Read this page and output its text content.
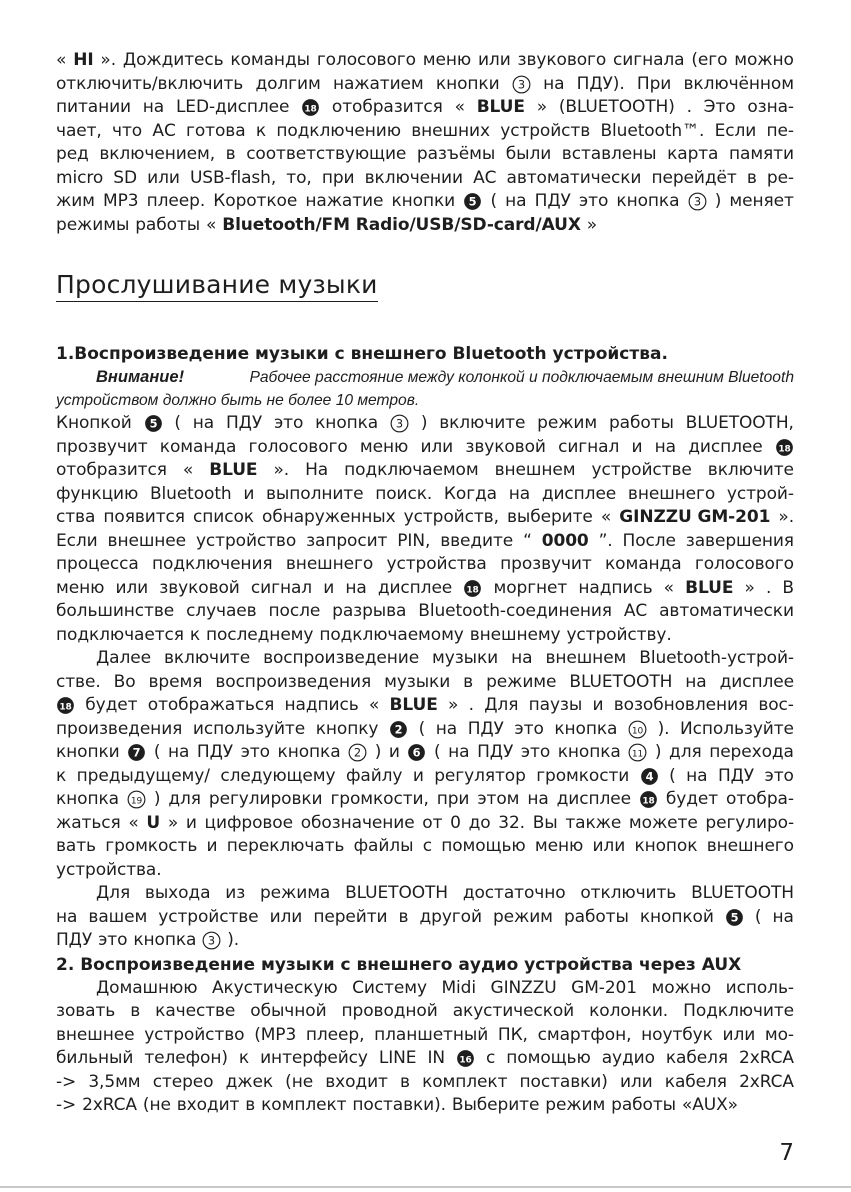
« HI ». Дождитесь команды голосового меню или звукового сигнала (его можно
отключить/включить долгим нажатием кнопки 3 на ПДУ). При включённом
питании на LED-дисплее 18 отобразится « BLUE » (BLUETOOTH) . Это озна-
чает, что АС готова к подключению внешних устройств Bluetooth™. Если пе-
ред включением, в соответствующие разъёмы были вставлены карта памяти
micro SD или USB-flash, то, при включении АС автоматически перейдёт в ре-
жим MP3 плеер. Короткое нажатие кнопки 5 ( на ПДУ это кнопка 3 ) меняет
режимы работы « Bluetooth/FM Radio/USB/SD-card/AUX »
Прослушивание музыки
1.Воспроизведение музыки с внешнего Bluetooth устройства.
Внимание!	Рабочее расстояние между колонкой и подключаемым внешним Bluetooth
устройством должно быть не более 10 метров.
Кнопкой 5 ( на ПДУ это кнопка 3 ) включите режим работы BLUETOOTH,
прозвучит команда голосового меню или звуковой сигнал и на дисплее 18
отобразится « BLUE ». На подключаемом внешнем устройстве включите
функцию Bluetooth и выполните поиск. Когда на дисплее внешнего устрой-
ства появится список обнаруженных устройств, выберите « GINZZU GM-201 ».
Если внешнее устройство запросит PIN, введите “ 0000 ”. После завершения
процесса подключения внешнего устройства прозвучит команда голосового
меню или звуковой сигнал и на дисплее 18 моргнет надпись « BLUE » . В
большинстве случаев после разрыва Bluetooth-соединения АС автоматически
подключается к последнему подключаемому внешнему устройству.
Далее включите воспроизведение музыки на внешнем Bluetooth-устрой-
стве. Во время воспроизведения музыки в режиме BLUETOOTH на дисплее
18 будет отображаться надпись « BLUE » . Для паузы и возобновления вос-
произведения используйте кнопку 2 ( на ПДУ это кнопка 10 ). Используйте
кнопки 7 ( на ПДУ это кнопка 2 ) и 6 ( на ПДУ это кнопка 11 ) для перехода
к предыдущему/ следующему файлу и регулятор громкости 4 ( на ПДУ это
кнопка 19 ) для регулировки громкости, при этом на дисплее 18 будет отобра-
жаться « U » и цифровое обозначение от 0 до 32. Вы также можете регулиро-
вать громкость и переключать файлы с помощью меню или кнопок внешнего
устройства.
Для выхода из режима BLUETOOTH достаточно отключить BLUETOOTH
на вашем устройстве или перейти в другой режим работы кнопкой 5 ( на
ПДУ это кнопка 3 ).
2. Воспроизведение музыки с внешнего аудио устройства через AUX
Домашнюю Акустическую Систему Midi GINZZU GM-201 можно исполь-
зовать в качестве обычной проводной акустической колонки. Подключите
внешнее устройство (MP3 плеер, планшетный ПК, смартфон, ноутбук или мо-
бильный телефон) к интерфейсу LINE IN 16 с помощью аудио кабеля 2xRCA
-> 3,5мм стерео джек (не входит в комплект поставки) или кабеля 2xRCA
-> 2xRCA (не входит в комплект поставки). Выберите режим работы «AUX»
7
